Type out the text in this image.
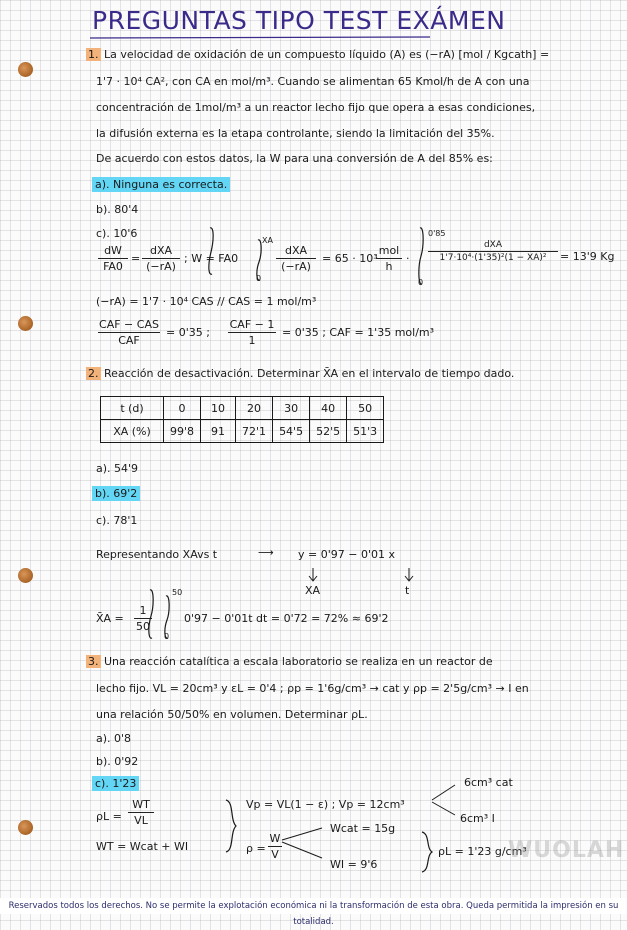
PREGUNTAS TIPO TEST EXÁMEN
1. La velocidad de oxidación de un compuesto líquido (A) es (−rA) [mol / Kgcath] =
1'7 · 10⁴ CA², con CA en mol/m³. Cuando se alimentan 65 Kmol/h de A con una
concentración de 1mol/m³ a un reactor lecho fijo que opera a esas condiciones,
la difusión externa es la etapa controlante, siendo la limitación del 35%.
De acuerdo con estos datos, la W para una conversión de A del 85% es:
a). Ninguna es correcta.
b). 80'4
c). 10'6
dW
FA0
=
dXA
(−rA)
; W = FA0
XA
0
dXA
(−rA)
= 65 · 10³
mol
h
·
0'85
0
dXA
1'7·10⁴·(1'35)²(1 − XA)²	= 13'9 Kg
(−rA) = 1'7 · 10⁴ CAS // CAS = 1 mol/m³
CAF − CAS
CAF
= 0'35 ;
CAF − 1
1
= 0'35 ; CAF = 1'35 mol/m³
2. Reacción de desactivación. Determinar X̄A en el intervalo de tiempo dado.
t (d)	0	10	20	30	40	50
XA (%)	99'8	91	72'1	54'5	52'5	51'3
a). 54'9
b). 69'2
c). 78'1
Representando XAvs t	⟶ y = 0'97 − 0'01 x
XA	t
X̄A =
1
50
50
0
0'97 − 0'01t dt = 0'72 = 72% ≈ 69'2
3. Una reacción catalítica a escala laboratorio se realiza en un reactor de
lecho fijo. VL = 20cm³ y εL = 0'4 ; ρp = 1'6g/cm³ → cat y ρp = 2'5g/cm³ → I en
una relación 50/50% en volumen. Determinar ρL.
a). 0'8
b). 0'92
c). 1'23
ρL =
WT
VL
WT = Wcat + WI
Vp = VL(1 − ε) ; Vp = 12cm³
6cm³ cat
6cm³ I
ρ =
W
V
Wcat = 15g
WI = 9'6
ρL = 1'23 g/cm³
WUOLAH
Reservados todos los derechos. No se permite la explotación económica ni la transformación de esta obra. Queda permitida la impresión en su totalidad.
